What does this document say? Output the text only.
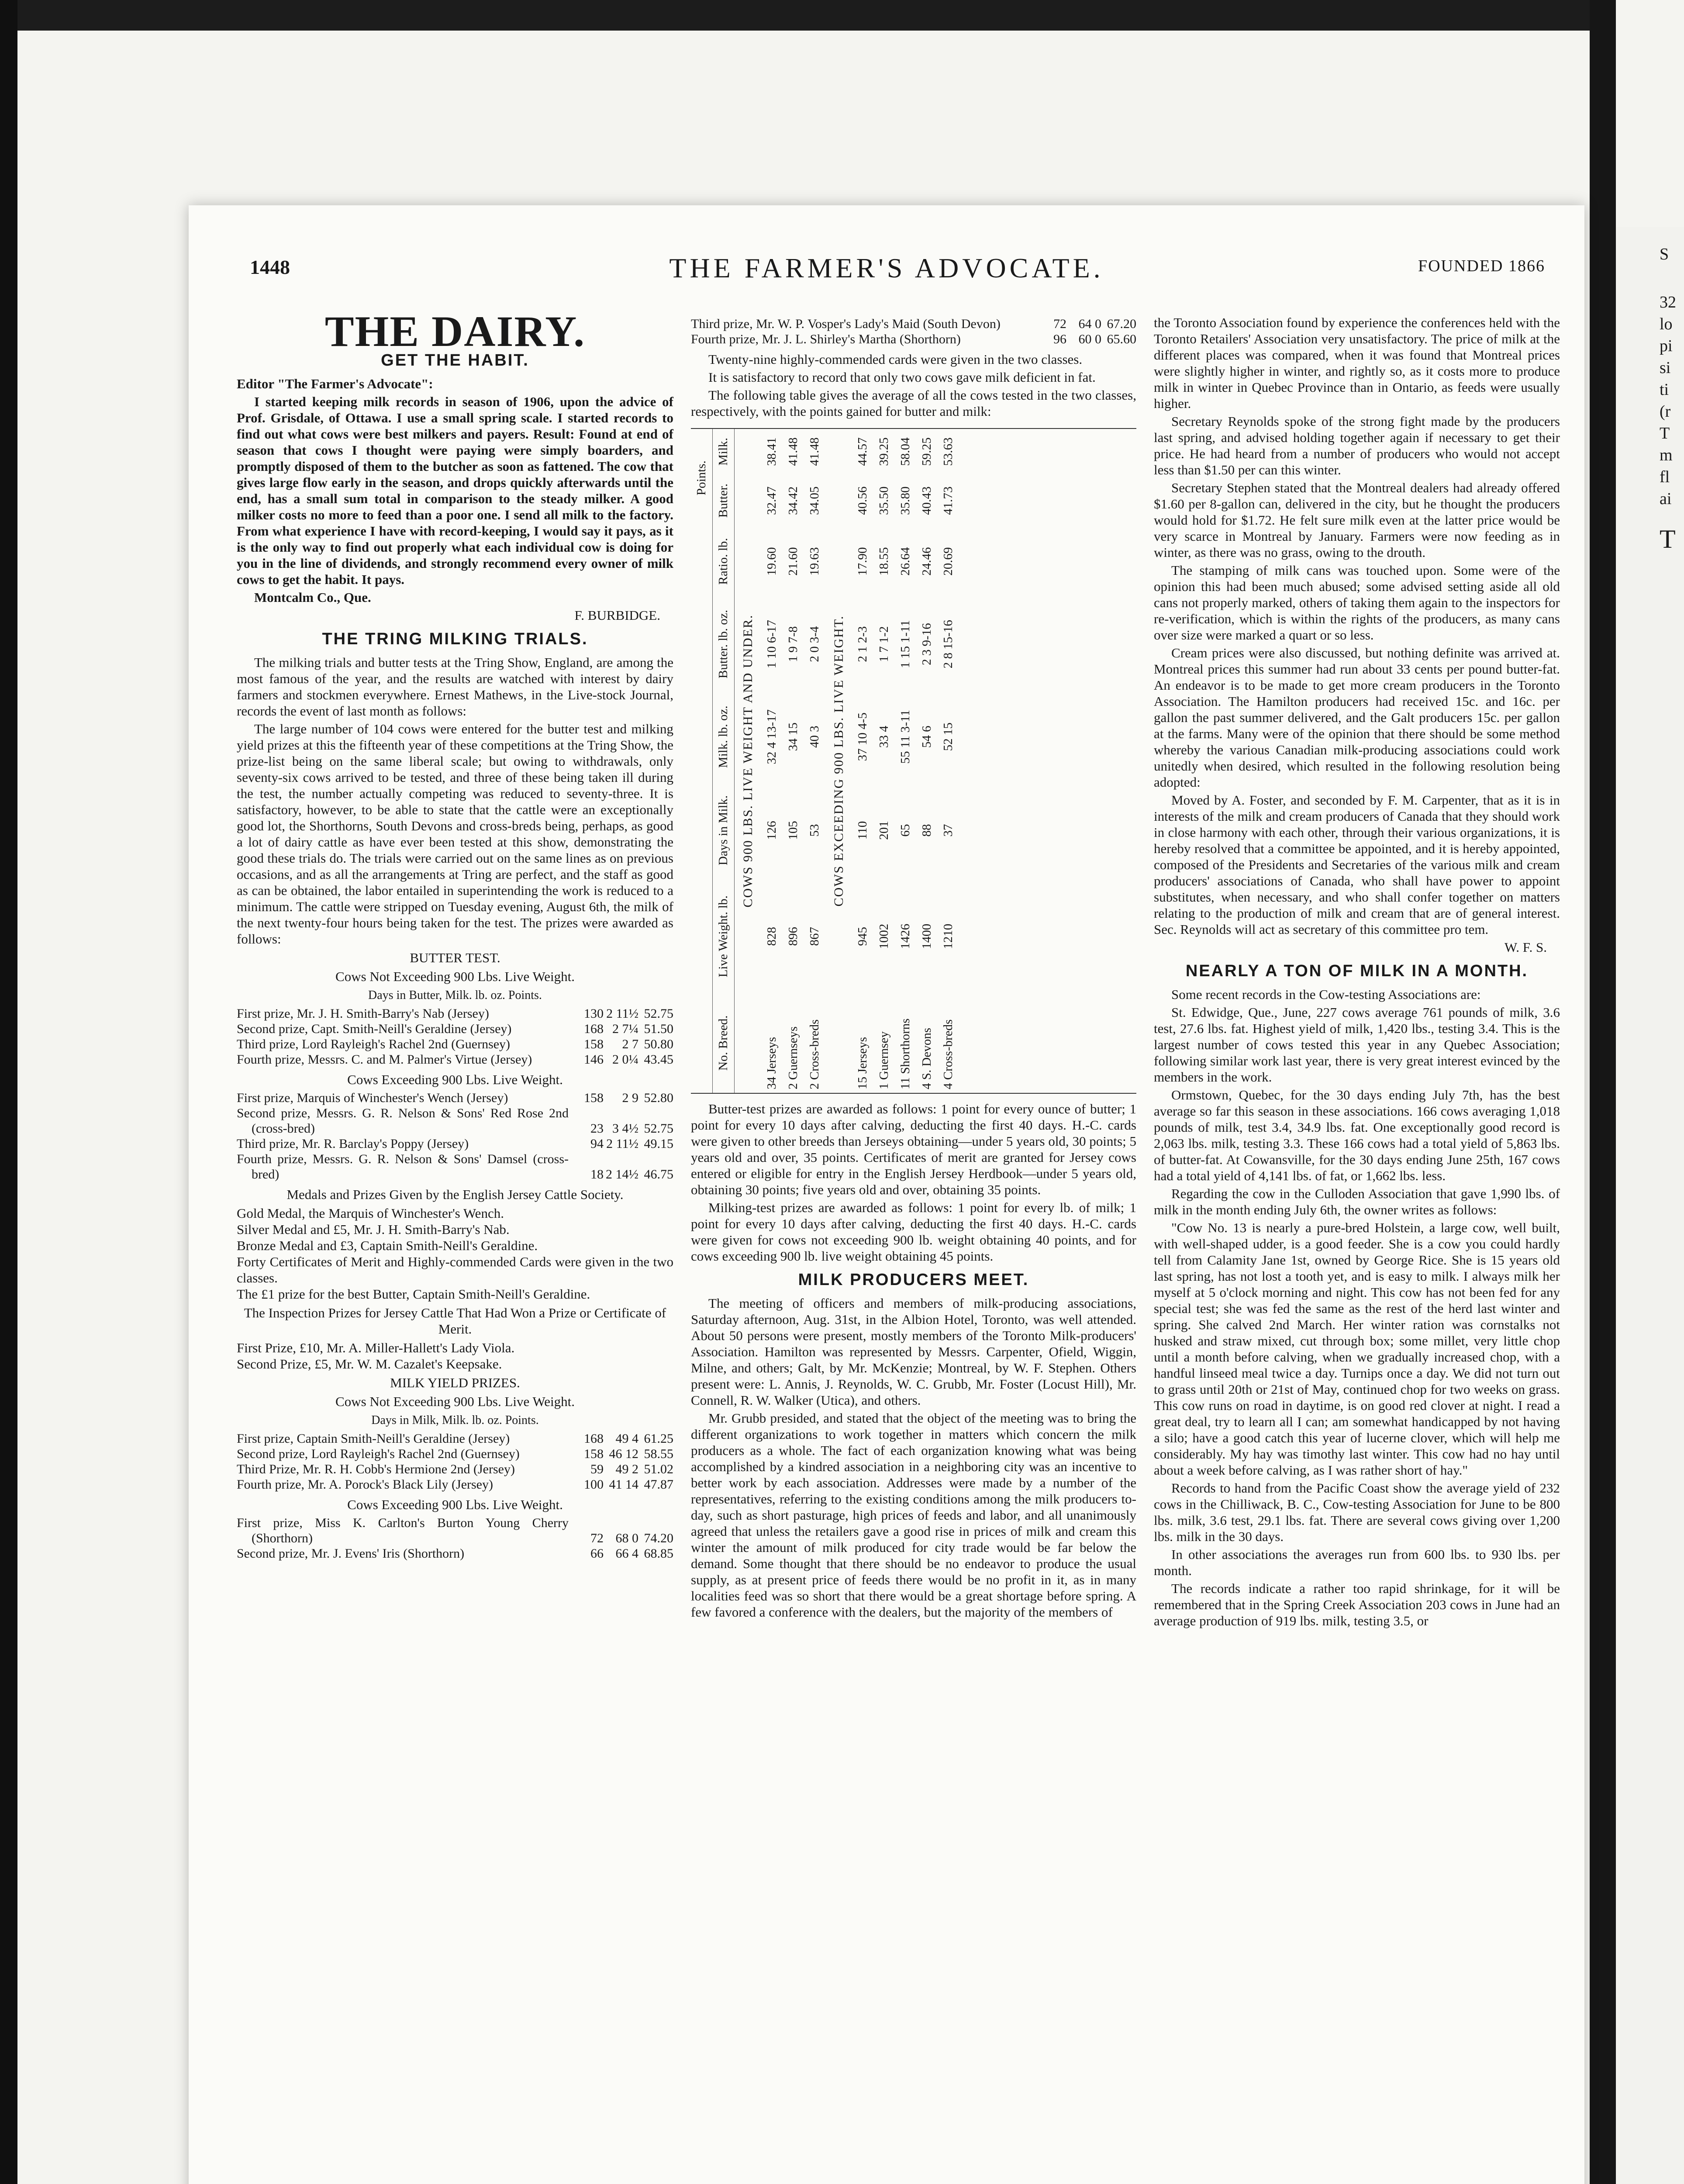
1448	THE FARMER'S ADVOCATE.	FOUNDED 1866
THE DAIRY.
GET THE HABIT.

Editor "The Farmer's Advocate":

I started keeping milk records in season of 1906, upon the advice of Prof. Grisdale, of Ottawa. I use a small spring scale. I started records to find out what cows were best milkers and payers. Result: Found at end of season that cows I thought were paying were simply boarders, and promptly disposed of them to the butcher as soon as fattened. The cow that gives large flow early in the season, and drops quickly afterwards until the end, has a small sum total in comparison to the steady milker. A good milker costs no more to feed than a poor one. I send all milk to the factory. From what experience I have with record-keeping, I would say it pays, as it is the only way to find out properly what each individual cow is doing for you in the line of dividends, and strongly recommend every owner of milk cows to get the habit. It pays.

Montcalm Co., Que.

F. BURBIDGE.
THE TRING MILKING TRIALS.

The milking trials and butter tests at the Tring Show, England, are among the most famous of the year, and the results are watched with interest by dairy farmers and stockmen everywhere. Ernest Mathews, in the Live-stock Journal, records the event of last month as follows:

The large number of 104 cows were entered for the butter test and milking yield prizes at this the fifteenth year of these competitions at the Tring Show, the prize-list being on the same liberal scale; but owing to withdrawals, only seventy-six cows arrived to be tested, and three of these being taken ill during the test, the number actually competing was reduced to seventy-three. It is satisfactory, however, to be able to state that the cattle were an exceptionally good lot, the Shorthorns, South Devons and cross-breds being, perhaps, as good a lot of dairy cattle as have ever been tested at this show, demonstrating the good these trials do. The trials were carried out on the same lines as on previous occasions, and as all the arrangements at Tring are perfect, and the staff as good as can be obtained, the labor entailed in superintending the work is reduced to a minimum. The cattle were stripped on Tuesday evening, August 6th, the milk of the next twenty-four hours being taken for the test. The prizes were awarded as follows:

BUTTER TEST.
Cows Not Exceeding 900 Lbs. Live Weight.
Days in Butter, Milk. lb. oz. Points.
First prize, Mr. J. H. Smith-Barry's Nab (Jersey)	130	2 11½	52.75
Second prize, Capt. Smith-Neill's Geraldine (Jersey)	168	2 7¼	51.50
Third prize, Lord Rayleigh's Rachel 2nd (Guernsey)	158	2 7	50.80
Fourth prize, Messrs. C. and M. Palmer's Virtue (Jersey)	146	2 0¼	43.45
Cows Exceeding 900 Lbs. Live Weight.
First prize, Marquis of Winchester's Wench (Jersey)	158	2 9	52.80
Second prize, Messrs. G. R. Nelson & Sons' Red Rose 2nd (cross-bred)	23	3 4½	52.75
Third prize, Mr. R. Barclay's Poppy (Jersey)	94	2 11½	49.15
Fourth prize, Messrs. G. R. Nelson & Sons' Damsel (cross-bred)	18	2 14½	46.75
Medals and Prizes Given by the English Jersey Cattle Society.
Gold Medal, the Marquis of Winchester's Wench.
Silver Medal and £5, Mr. J. H. Smith-Barry's Nab.
Bronze Medal and £3, Captain Smith-Neill's Geraldine.
Forty Certificates of Merit and Highly-commended Cards were given in the two classes.
The £1 prize for the best Butter, Captain Smith-Neill's Geraldine.
The Inspection Prizes for Jersey Cattle That Had Won a Prize or Certificate of Merit.
First Prize, £10, Mr. A. Miller-Hallett's Lady Viola.
Second Prize, £5, Mr. W. M. Cazalet's Keepsake.
MILK YIELD PRIZES.
Cows Not Exceeding 900 Lbs. Live Weight.
Days in Milk, Milk. lb. oz. Points.
First prize, Captain Smith-Neill's Geraldine (Jersey)	168	49 4	61.25
Second prize, Lord Rayleigh's Rachel 2nd (Guernsey)	158	46 12	58.55
Third Prize, Mr. R. H. Cobb's Hermione 2nd (Jersey)	59	49 2	51.02
Fourth prize, Mr. A. Porock's Black Lily (Jersey)	100	41 14	47.87
Cows Exceeding 900 Lbs. Live Weight.
First prize, Miss K. Carlton's Burton Young Cherry (Shorthorn)	72	68 0	74.20
Second prize, Mr. J. Evens' Iris (Shorthorn)	66	66 4	68.85
Third prize, Mr. W. P. Vosper's Lady's Maid (South Devon)	72	64 0	67.20
Fourth prize, Mr. J. L. Shirley's Martha (Shorthorn)	96	60 0	65.60

Twenty-nine highly-commended cards were given in the two classes.

It is satisfactory to record that only two cows gave milk deficient in fat.

The following table gives the average of all the cows tested in the two classes, respectively, with the points gained for butter and milk:

						Points.	
No. Breed.	Live Weight. lb.	Days in Milk.	Milk. lb. oz.	Butter. lb. oz.	Ratio. lb.	Butter.	Milk.
COWS 900 LBS. LIVE WEIGHT AND UNDER.							
34 Jerseys	828	126	32 4 13-17	1 10 6-17	19.60	32.47	38.41
2 Guernseys	896	105	34 15	1 9 7-8	21.60	34.42	41.48
2 Cross-breds	867	53	40 3	2 0 3-4	19.63	34.05	41.48
COWS EXCEEDING 900 LBS. LIVE WEIGHT.							
15 Jerseys	945	110	37 10 4-5	2 1 2-3	17.90	40.56	44.57
1 Guernsey	1002	201	33 4	1 7 1-2	18.55	35.50	39.25
11 Shorthorns	1426	65	55 11 3-11	1 15 1-11	26.64	35.80	58.04
4 S. Devons	1400	88	54 6	2 3 9-16	24.46	40.43	59.25
4 Cross-breds	1210	37	52 15	2 8 15-16	20.69	41.73	53.63

Butter-test prizes are awarded as follows: 1 point for every ounce of butter; 1 point for every 10 days after calving, deducting the first 40 days. H.-C. cards were given to other breeds than Jerseys obtaining—under 5 years old, 30 points; 5 years old and over, 35 points. Certificates of merit are granted for Jersey cows entered or eligible for entry in the English Jersey Herdbook—under 5 years old, obtaining 30 points; five years old and over, obtaining 35 points.

Milking-test prizes are awarded as follows: 1 point for every lb. of milk; 1 point for every 10 days after calving, deducting the first 40 days. H.-C. cards were given for cows not exceeding 900 lb. weight obtaining 40 points, and for cows exceeding 900 lb. live weight obtaining 45 points.

MILK PRODUCERS MEET.

The meeting of officers and members of milk-producing associations, Saturday afternoon, Aug. 31st, in the Albion Hotel, Toronto, was well attended. About 50 persons were present, mostly members of the Toronto Milk-producers' Association. Hamilton was represented by Messrs. Carpenter, Ofield, Wiggin, Milne, and others; Galt, by Mr. McKenzie; Montreal, by W. F. Stephen. Others present were: L. Annis, J. Reynolds, W. C. Grubb, Mr. Foster (Locust Hill), Mr. Connell, R. W. Walker (Utica), and others.

Mr. Grubb presided, and stated that the object of the meeting was to bring the different organizations to work together in matters which concern the milk producers as a whole. The fact of each organization knowing what was being accomplished by a kindred association in a neighboring city was an incentive to better work by each association. Addresses were made by a number of the representatives, referring to the existing conditions among the milk producers to-day, such as short pasturage, high prices of feeds and labor, and all unanimously agreed that unless the retailers gave a good rise in prices of milk and cream this winter the amount of milk produced for city trade would be far below the demand. Some thought that there should be no endeavor to produce the usual supply, as at present price of feeds there would be no profit in it, as in many localities feed was so short that there would be a great shortage before spring. A few favored a conference with the dealers, but the majority of the members of

the Toronto Association found by experience the conferences held with the Toronto Retailers' Association very unsatisfactory. The price of milk at the different places was compared, when it was found that Montreal prices were slightly higher in winter, and rightly so, as it costs more to produce milk in winter in Quebec Province than in Ontario, as feeds were usually higher.

Secretary Reynolds spoke of the strong fight made by the producers last spring, and advised holding together again if necessary to get their price. He had heard from a number of producers who would not accept less than $1.50 per can this winter.

Secretary Stephen stated that the Montreal dealers had already offered $1.60 per 8-gallon can, delivered in the city, but he thought the producers would hold for $1.72. He felt sure milk even at the latter price would be very scarce in Montreal by January. Farmers were now feeding as in winter, as there was no grass, owing to the drouth.

The stamping of milk cans was touched upon. Some were of the opinion this had been much abused; some advised setting aside all old cans not properly marked, others of taking them again to the inspectors for re-verification, which is within the rights of the producers, as many cans over size were marked a quart or so less.

Cream prices were also discussed, but nothing definite was arrived at. Montreal prices this summer had run about 33 cents per pound butter-fat. An endeavor is to be made to get more cream producers in the Toronto Association. The Hamilton producers had received 15c. and 16c. per gallon the past summer delivered, and the Galt producers 15c. per gallon at the farms. Many were of the opinion that there should be some method whereby the various Canadian milk-producing associations could work unitedly when desired, which resulted in the following resolution being adopted:

Moved by A. Foster, and seconded by F. M. Carpenter, that as it is in interests of the milk and cream producers of Canada that they should work in close harmony with each other, through their various organizations, it is hereby resolved that a committee be appointed, and it is hereby appointed, composed of the Presidents and Secretaries of the various milk and cream producers' associations of Canada, who shall have power to appoint substitutes, when necessary, and who shall confer together on matters relating to the production of milk and cream that are of general interest. Sec. Reynolds will act as secretary of this committee pro tem.

W. F. S.
NEARLY A TON OF MILK IN A MONTH.

Some recent records in the Cow-testing Associations are:

St. Edwidge, Que., June, 227 cows average 761 pounds of milk, 3.6 test, 27.6 lbs. fat. Highest yield of milk, 1,420 lbs., testing 3.4. This is the largest number of cows tested this year in any Quebec Association; following similar work last year, there is very great interest evinced by the members in the work.

Ormstown, Quebec, for the 30 days ending July 7th, has the best average so far this season in these associations. 166 cows averaging 1,018 pounds of milk, test 3.4, 34.9 lbs. fat. One exceptionally good record is 2,063 lbs. milk, testing 3.3. These 166 cows had a total yield of 5,863 lbs. of butter-fat. At Cowansville, for the 30 days ending June 25th, 167 cows had a total yield of 4,141 lbs. of fat, or 1,662 lbs. less.

Regarding the cow in the Culloden Association that gave 1,990 lbs. of milk in the month ending July 6th, the owner writes as follows:

"Cow No. 13 is nearly a pure-bred Holstein, a large cow, well built, with well-shaped udder, is a good feeder. She is a cow you could hardly tell from Calamity Jane 1st, owned by George Rice. She is 15 years old last spring, has not lost a tooth yet, and is easy to milk. I always milk her myself at 5 o'clock morning and night. This cow has not been fed for any special test; she was fed the same as the rest of the herd last winter and spring. She calved 2nd March. Her winter ration was cornstalks not husked and straw mixed, cut through box; some millet, very little chop until a month before calving, when we gradually increased chop, with a handful linseed meal twice a day. Turnips once a day. We did not turn out to grass until 20th or 21st of May, continued chop for two weeks on grass. This cow runs on road in daytime, is on good red clover at night. I read a great deal, try to learn all I can; am somewhat handicapped by not having a silo; have a good catch this year of lucerne clover, which will help me considerably. My hay was timothy last winter. This cow had no hay until about a week before calving, as I was rather short of hay."

Records to hand from the Pacific Coast show the average yield of 232 cows in the Chilliwack, B. C., Cow-testing Association for June to be 800 lbs. milk, 3.6 test, 29.1 lbs. fat. There are several cows giving over 1,200 lbs. milk in the 30 days.

In other associations the averages run from 600 lbs. to 930 lbs. per month.

The records indicate a rather too rapid shrinkage, for it will be remembered that in the Spring Creek Association 203 cows in June had an average production of 919 lbs. milk, testing 3.5, or

S
32
lo
pi
si
ti
(r
T
m
fl
ai
T
